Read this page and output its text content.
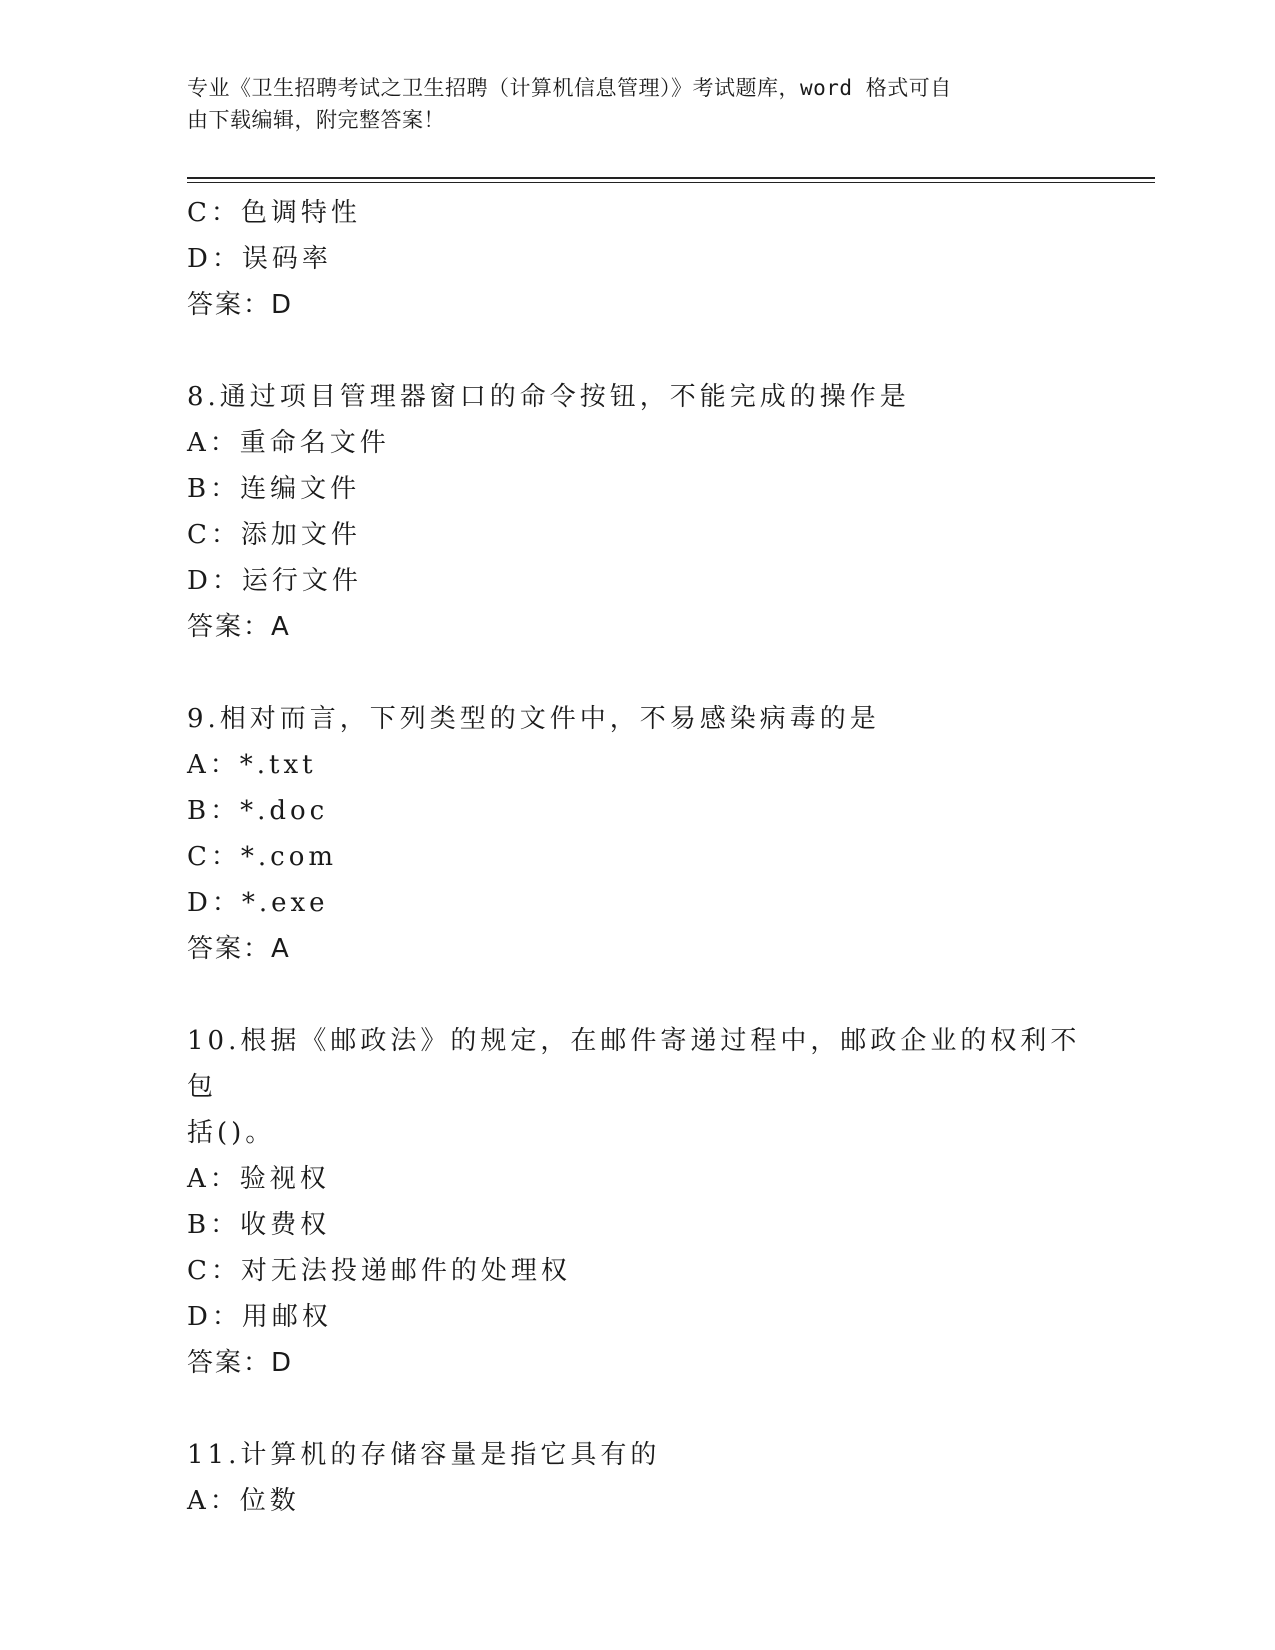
专业《卫生招聘考试之卫生招聘（计算机信息管理）》考试题库，word 格式可自
由下载编辑，附完整答案！
C：色调特性
D：误码率
答案：D
8.通过项目管理器窗口的命令按钮，不能完成的操作是
A：重命名文件
B：连编文件
C：添加文件
D：运行文件
答案：A
9.相对而言，下列类型的文件中，不易感染病毒的是
A：*.txt
B：*.doc
C：*.com
D：*.exe
答案：A
10.根据《邮政法》的规定，在邮件寄递过程中，邮政企业的权利不包
括()。
A：验视权
B：收费权
C：对无法投递邮件的处理权
D：用邮权
答案：D
11.计算机的存储容量是指它具有的
A：位数
